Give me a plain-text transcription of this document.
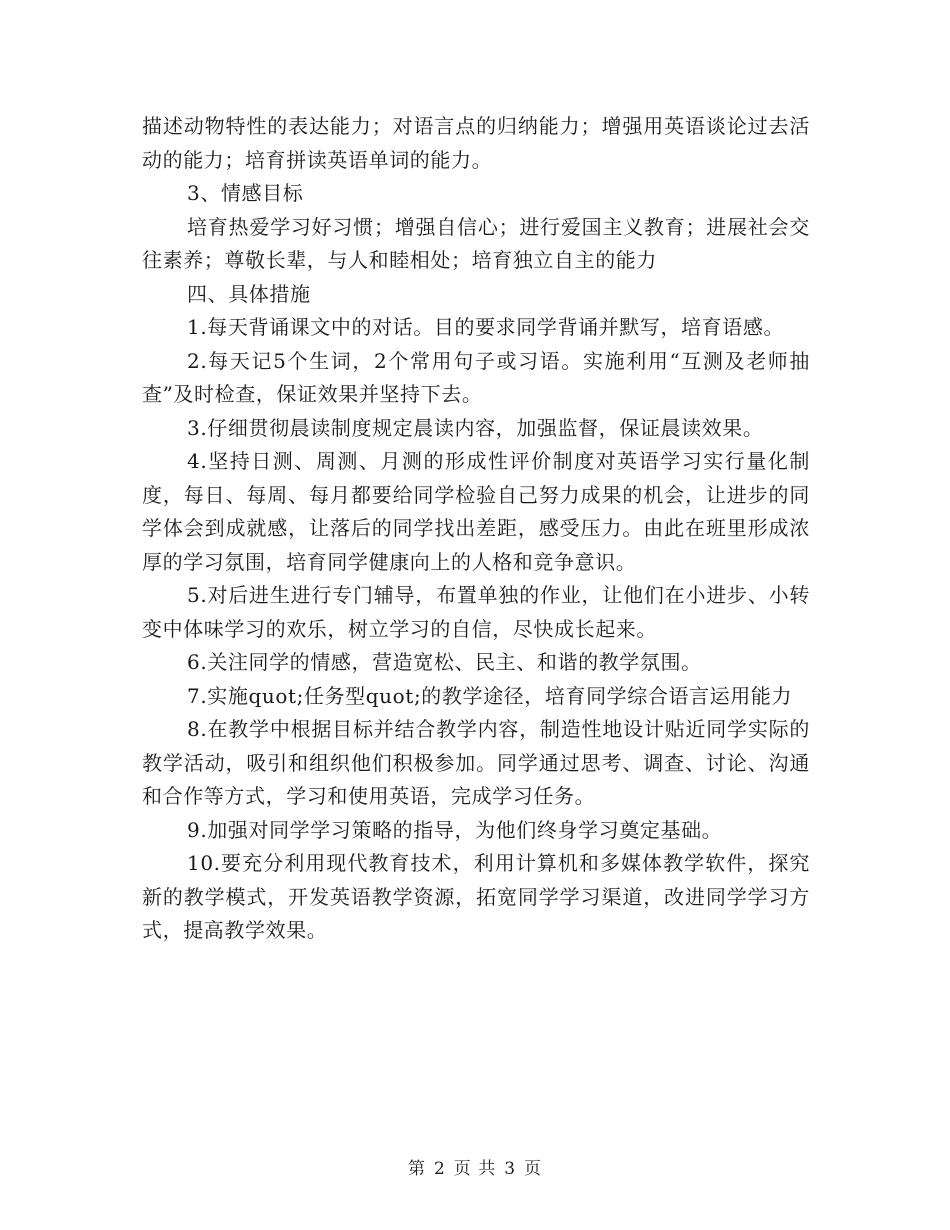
描述动物特性的表达能力；对语言点的归纳能力；增强用英语谈论过去活动的能力；培育拼读英语单词的能力。

3、情感目标

培育热爱学习好习惯；增强自信心；进行爱国主义教育；进展社会交往素养；尊敬长辈，与人和睦相处；培育独立自主的能力

四、具体措施

1.每天背诵课文中的对话。目的要求同学背诵并默写，培育语感。

2.每天记5个生词，2个常用句子或习语。实施利用“互测及老师抽查”及时检查，保证效果并坚持下去。

3.仔细贯彻晨读制度规定晨读内容，加强监督，保证晨读效果。

4.坚持日测、周测、月测的形成性评价制度对英语学习实行量化制度，每日、每周、每月都要给同学检验自己努力成果的机会，让进步的同学体会到成就感，让落后的同学找出差距，感受压力。由此在班里形成浓厚的学习氛围，培育同学健康向上的人格和竞争意识。

5.对后进生进行专门辅导，布置单独的作业，让他们在小进步、小转变中体味学习的欢乐，树立学习的自信，尽快成长起来。

6.关注同学的情感，营造宽松、民主、和谐的教学氛围。

7.实施quot;任务型quot;的教学途径，培育同学综合语言运用能力

8.在教学中根据目标并结合教学内容，制造性地设计贴近同学实际的教学活动，吸引和组织他们积极参加。同学通过思考、调查、讨论、沟通和合作等方式，学习和使用英语，完成学习任务。

9.加强对同学学习策略的指导，为他们终身学习奠定基础。

10.要充分利用现代教育技术，利用计算机和多媒体教学软件，探究新的教学模式，开发英语教学资源，拓宽同学学习渠道，改进同学学习方式，提高教学效果。

第 2 页 共 3 页
